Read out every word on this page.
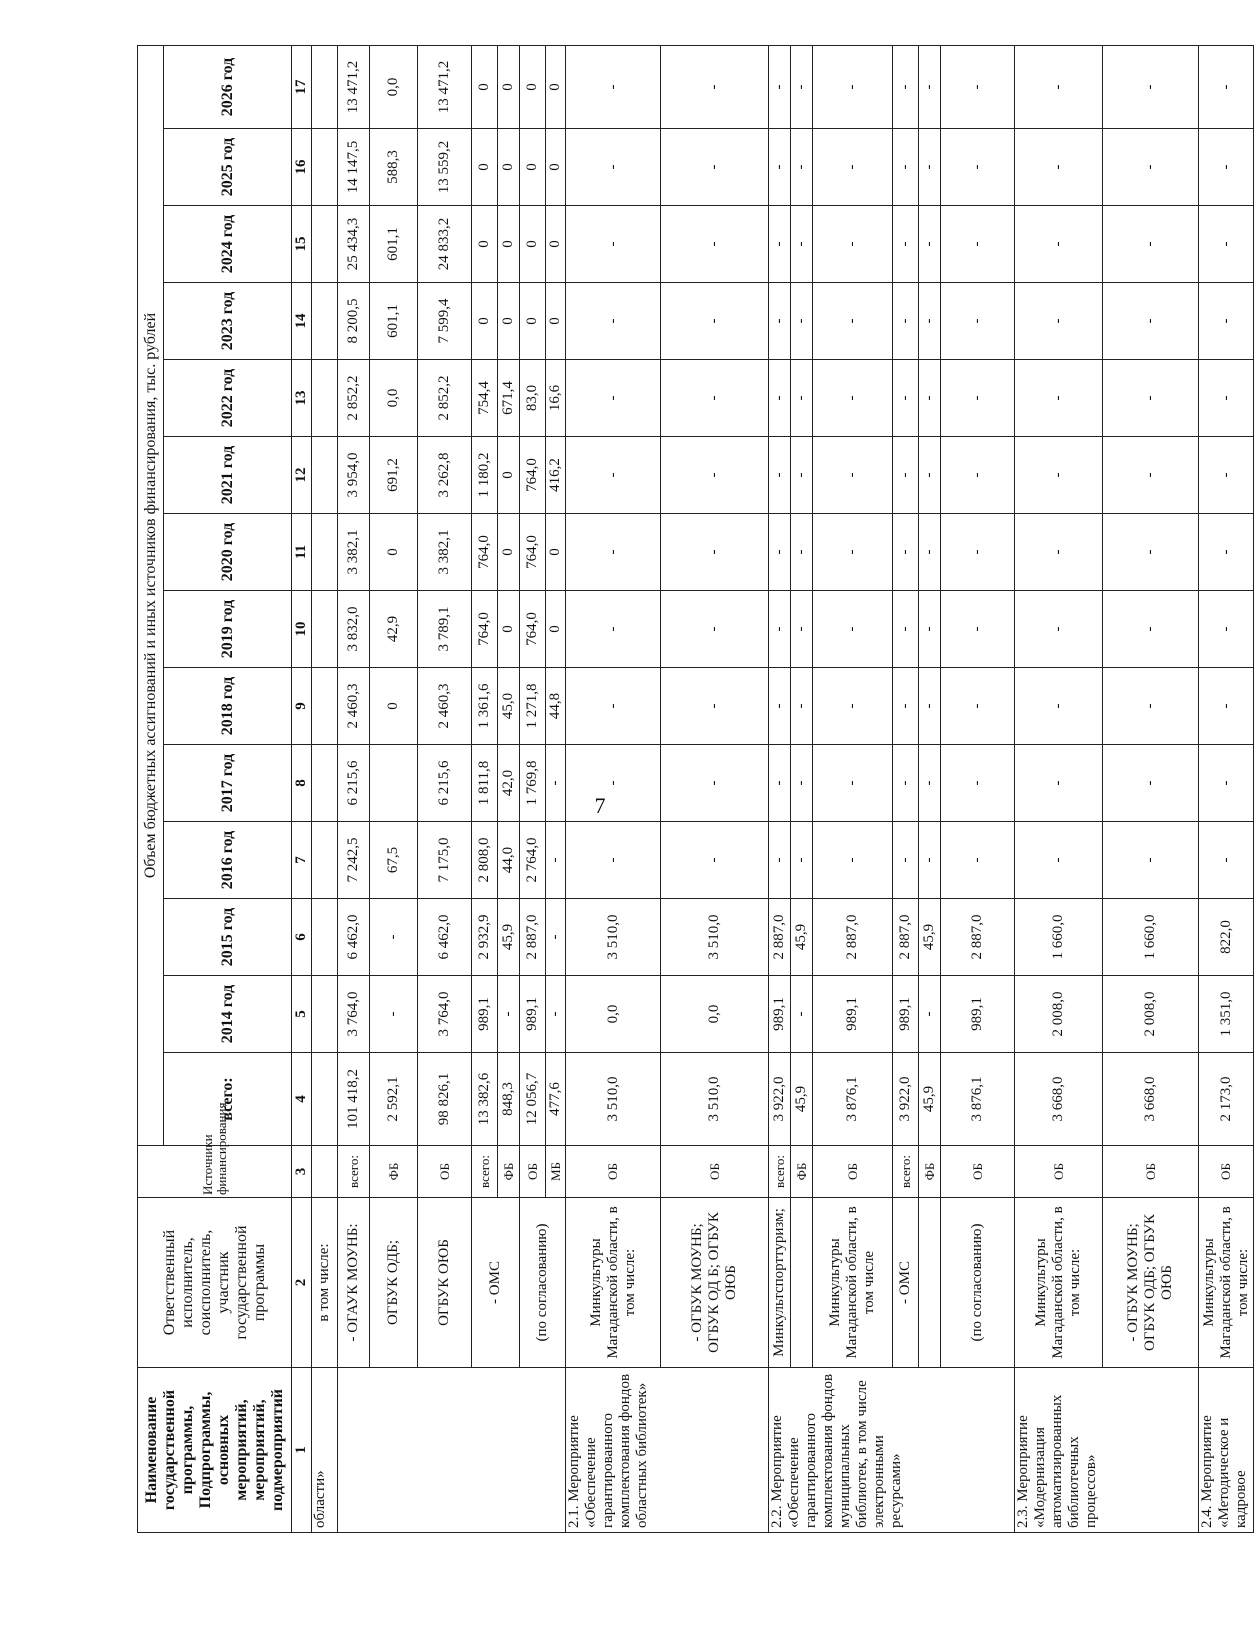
7
Наименование государственной программы, Подпрограммы, основных мероприятий, мероприятий, подмероприятий	Ответственный исполнитель, соисполнитель, участник государственной программы	Источники финансирования	Объем бюджетных ассигнований и иных источников финансирования, тыс. рублей													
			всего:	2014 год	2015 год	2016 год	2017 год	2018 год	2019 год	2020 год	2021 год	2022 год	2023 год	2024 год	2025 год	2026 год
1	2	3	4	5	6	7	8	9	10	11	12	13	14	15	16	17
области»	в том числе:															
	- ОГАУК МОУНБ:	всего:	101 418,2	3 764,0	6 462,0	7 242,5	6 215,6	2 460,3	3 832,0	3 382,1	3 954,0	2 852,2	8 200,5	25 434,3	14 147,5	13 471,2
	ОГБУК ОДБ;	ФБ	2 592,1	-	-	67,5		0	42,9	0	691,2	0,0	601,1	601,1	588,3	0,0
	ОГБУК ОЮБ	ОБ	98 826,1	3 764,0	6 462,0	7 175,0	6 215,6	2 460,3	3 789,1	3 382,1	3 262,8	2 852,2	7 599,4	24 833,2	13 559,2	13 471,2
	- ОМС	всего:	13 382,6	989,1	2 932,9	2 808,0	1 811,8	1 361,6	764,0	764,0	1 180,2	754,4	0	0	0	0
		ФБ	848,3	-	45,9	44,0	42,0	45,0	0	0	0	671,4	0	0	0	0
	(по согласованию)	ОБ	12 056,7	989,1	2 887,0	2 764,0	1 769,8	1 271,8	764,0	764,0	764,0	83,0	0	0	0	0
		МБ	477,6	-	-	-	-	44,8	0	0	416,2	16,6	0	0	0	0
2.1. Мероприятие «Обеспечение гарантированного комплектования фондов областных библиотек»	Минкультуры Магаданской области, в том числе:	ОБ	3 510,0	0,0	3 510,0	-	-	-	-	-	-	-	-	-	-	-
	- ОГБУК МОУНБ; ОГБУК ОД Б; ОГБУК ОЮБ	ОБ	3 510,0	0,0	3 510,0	-	-	-	-	-	-	-	-	-	-	-
2.2. Мероприятие «Обеспечение гарантированного комплектования фондов муниципальных библиотек, в том числе электронными ресурсами»	Минкультспорттуризм;	всего:	3 922,0	989,1	2 887,0	-	-	-	-	-	-	-	-	-	-	-
		ФБ	45,9	-	45,9	-	-	-	-	-	-	-	-	-	-	-
	Минкультуры Магаданской области, в том числе	ОБ	3 876,1	989,1	2 887,0	-	-	-	-	-	-	-	-	-	-	-
	- ОМС	всего:	3 922,0	989,1	2 887,0	-	-	-	-	-	-	-	-	-	-	-
		ФБ	45,9	-	45,9	-	-	-	-	-	-	-	-	-	-	-
	(по согласованию)	ОБ	3 876,1	989,1	2 887,0	-	-	-	-	-	-	-	-	-	-	-
2.3. Мероприятие «Модернизация автоматизированных библиотечных процессов»	Минкультуры Магаданской области, в том числе:	ОБ	3 668,0	2 008,0	1 660,0	-	-	-	-	-	-	-	-	-	-	-
	- ОГБУК МОУНБ; ОГБУК ОДБ; ОГБУК ОЮБ	ОБ	3 668,0	2 008,0	1 660,0	-	-	-	-	-	-	-	-	-	-	-
2.4. Мероприятие «Методическое и кадровое	Минкультуры Магаданской области, в том числе:	ОБ	2 173,0	1 351,0	822,0	-	-	-	-	-	-	-	-	-	-	-
